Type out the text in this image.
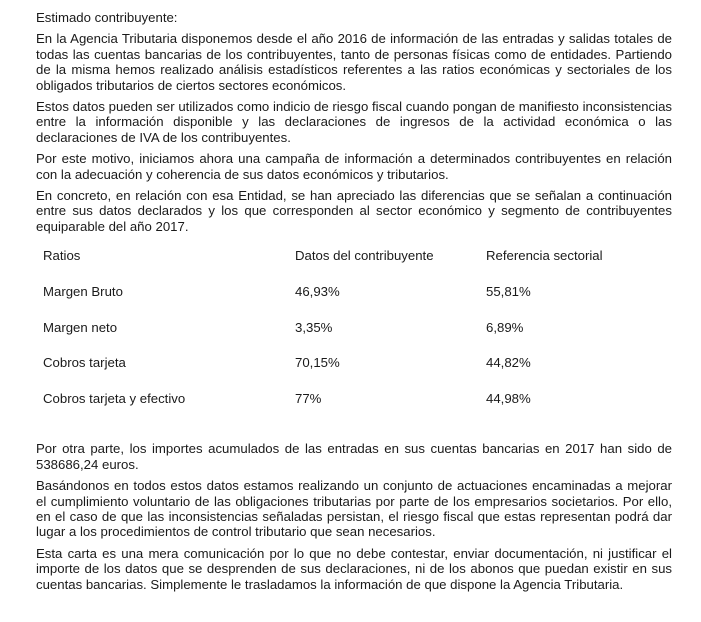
Estimado contribuyente:

En la Agencia Tributaria disponemos desde el año 2016 de información de las entradas y salidas totales de todas las cuentas bancarias de los contribuyentes, tanto de personas físicas como de entidades. Partiendo de la misma hemos realizado análisis estadísticos referentes a las ratios económicas y sectoriales de los obligados tributarios de ciertos sectores económicos.

Estos datos pueden ser utilizados como indicio de riesgo fiscal cuando pongan de manifiesto inconsistencias entre la información disponible y las declaraciones de ingresos de la actividad económica o las declaraciones de IVA de los contribuyentes.

Por este motivo, iniciamos ahora una campaña de información a determinados contribuyentes en relación con la adecuación y coherencia de sus datos económicos y tributarios.

En concreto, en relación con esa Entidad, se han apreciado las diferencias que se señalan a continuación entre sus datos declarados y los que corresponden al sector económico y segmento de contribuyentes equiparable del año 2017.

Ratios	Datos del contribuyente	Referencia sectorial
Margen Bruto	46,93%	55,81%
Margen neto	3,35%	6,89%
Cobros tarjeta	70,15%	44,82%
Cobros tarjeta y efectivo	77%	44,98%

Por otra parte, los importes acumulados de las entradas en sus cuentas bancarias en 2017 han sido de 538686,24 euros.

Basándonos en todos estos datos estamos realizando un conjunto de actuaciones encaminadas a mejorar el cumplimiento voluntario de las obligaciones tributarias por parte de los empresarios societarios. Por ello, en el caso de que las inconsistencias señaladas persistan, el riesgo fiscal que estas representan podrá dar lugar a los procedimientos de control tributario que sean necesarios.

Esta carta es una mera comunicación por lo que no debe contestar, enviar documentación, ni justificar el importe de los datos que se desprenden de sus declaraciones, ni de los abonos que puedan existir en sus cuentas bancarias. Simplemente le trasladamos la información de que dispone la Agencia Tributaria.
